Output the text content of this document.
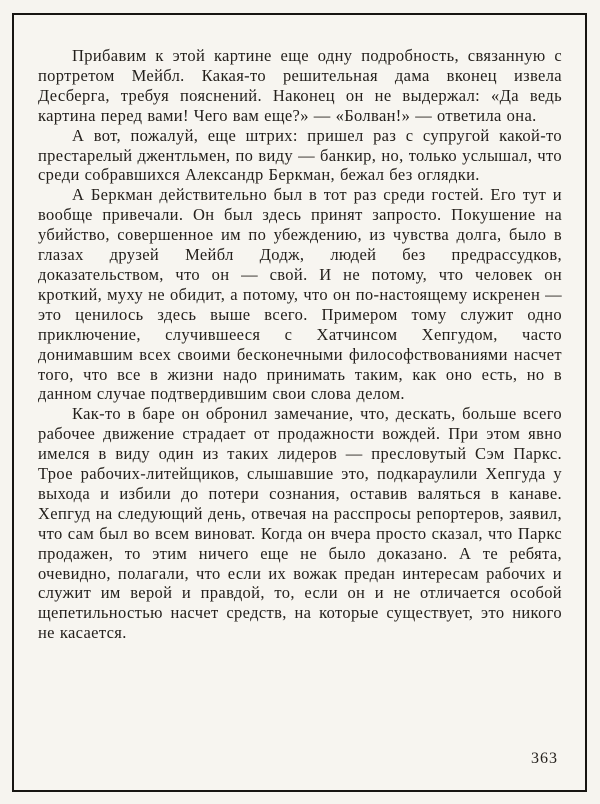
Прибавим к этой картине еще одну подробность, связанную с портретом Мейбл. Какая-то решительная дама вконец извела Десберга, требуя пояснений. Наконец он не выдержал: «Да ведь картина перед вами! Чего вам еще?» — «Болван!» — ответила она.

А вот, пожалуй, еще штрих: пришел раз с супругой какой-то престарелый джентльмен, по виду — банкир, но, только услышал, что среди собравшихся Александр Беркман, бежал без оглядки.

А Беркман действительно был в тот раз среди гостей. Его тут и вообще привечали. Он был здесь принят запросто. Покушение на убийство, совершенное им по убеждению, из чувства долга, было в глазах друзей Мейбл Додж, людей без предрассудков, доказательством, что он — свой. И не потому, что человек он кроткий, муху не обидит, а потому, что он по-настоящему искренен — это ценилось здесь выше всего. Примером тому служит одно приключение, случившееся с Хатчинсом Хепгудом, часто донимавшим всех своими бесконечными философствованиями насчет того, что все в жизни надо принимать таким, как оно есть, но в данном случае подтвердившим свои слова делом.

Как-то в баре он обронил замечание, что, дескать, больше всего рабочее движение страдает от продажности вождей. При этом явно имелся в виду один из таких лидеров — пресловутый Сэм Паркс. Трое рабочих-литейщиков, слышавшие это, подкараулили Хепгуда у выхода и избили до потери сознания, оставив валяться в канаве. Хепгуд на следующий день, отвечая на расспросы репортеров, заявил, что сам был во всем виноват. Когда он вчера просто сказал, что Паркс продажен, то этим ничего еще не было доказано. А те ребята, очевидно, полагали, что если их вожак предан интересам рабочих и служит им верой и правдой, то, если он и не отличается особой щепетильностью насчет средств, на которые существует, это никого не касается.

363
